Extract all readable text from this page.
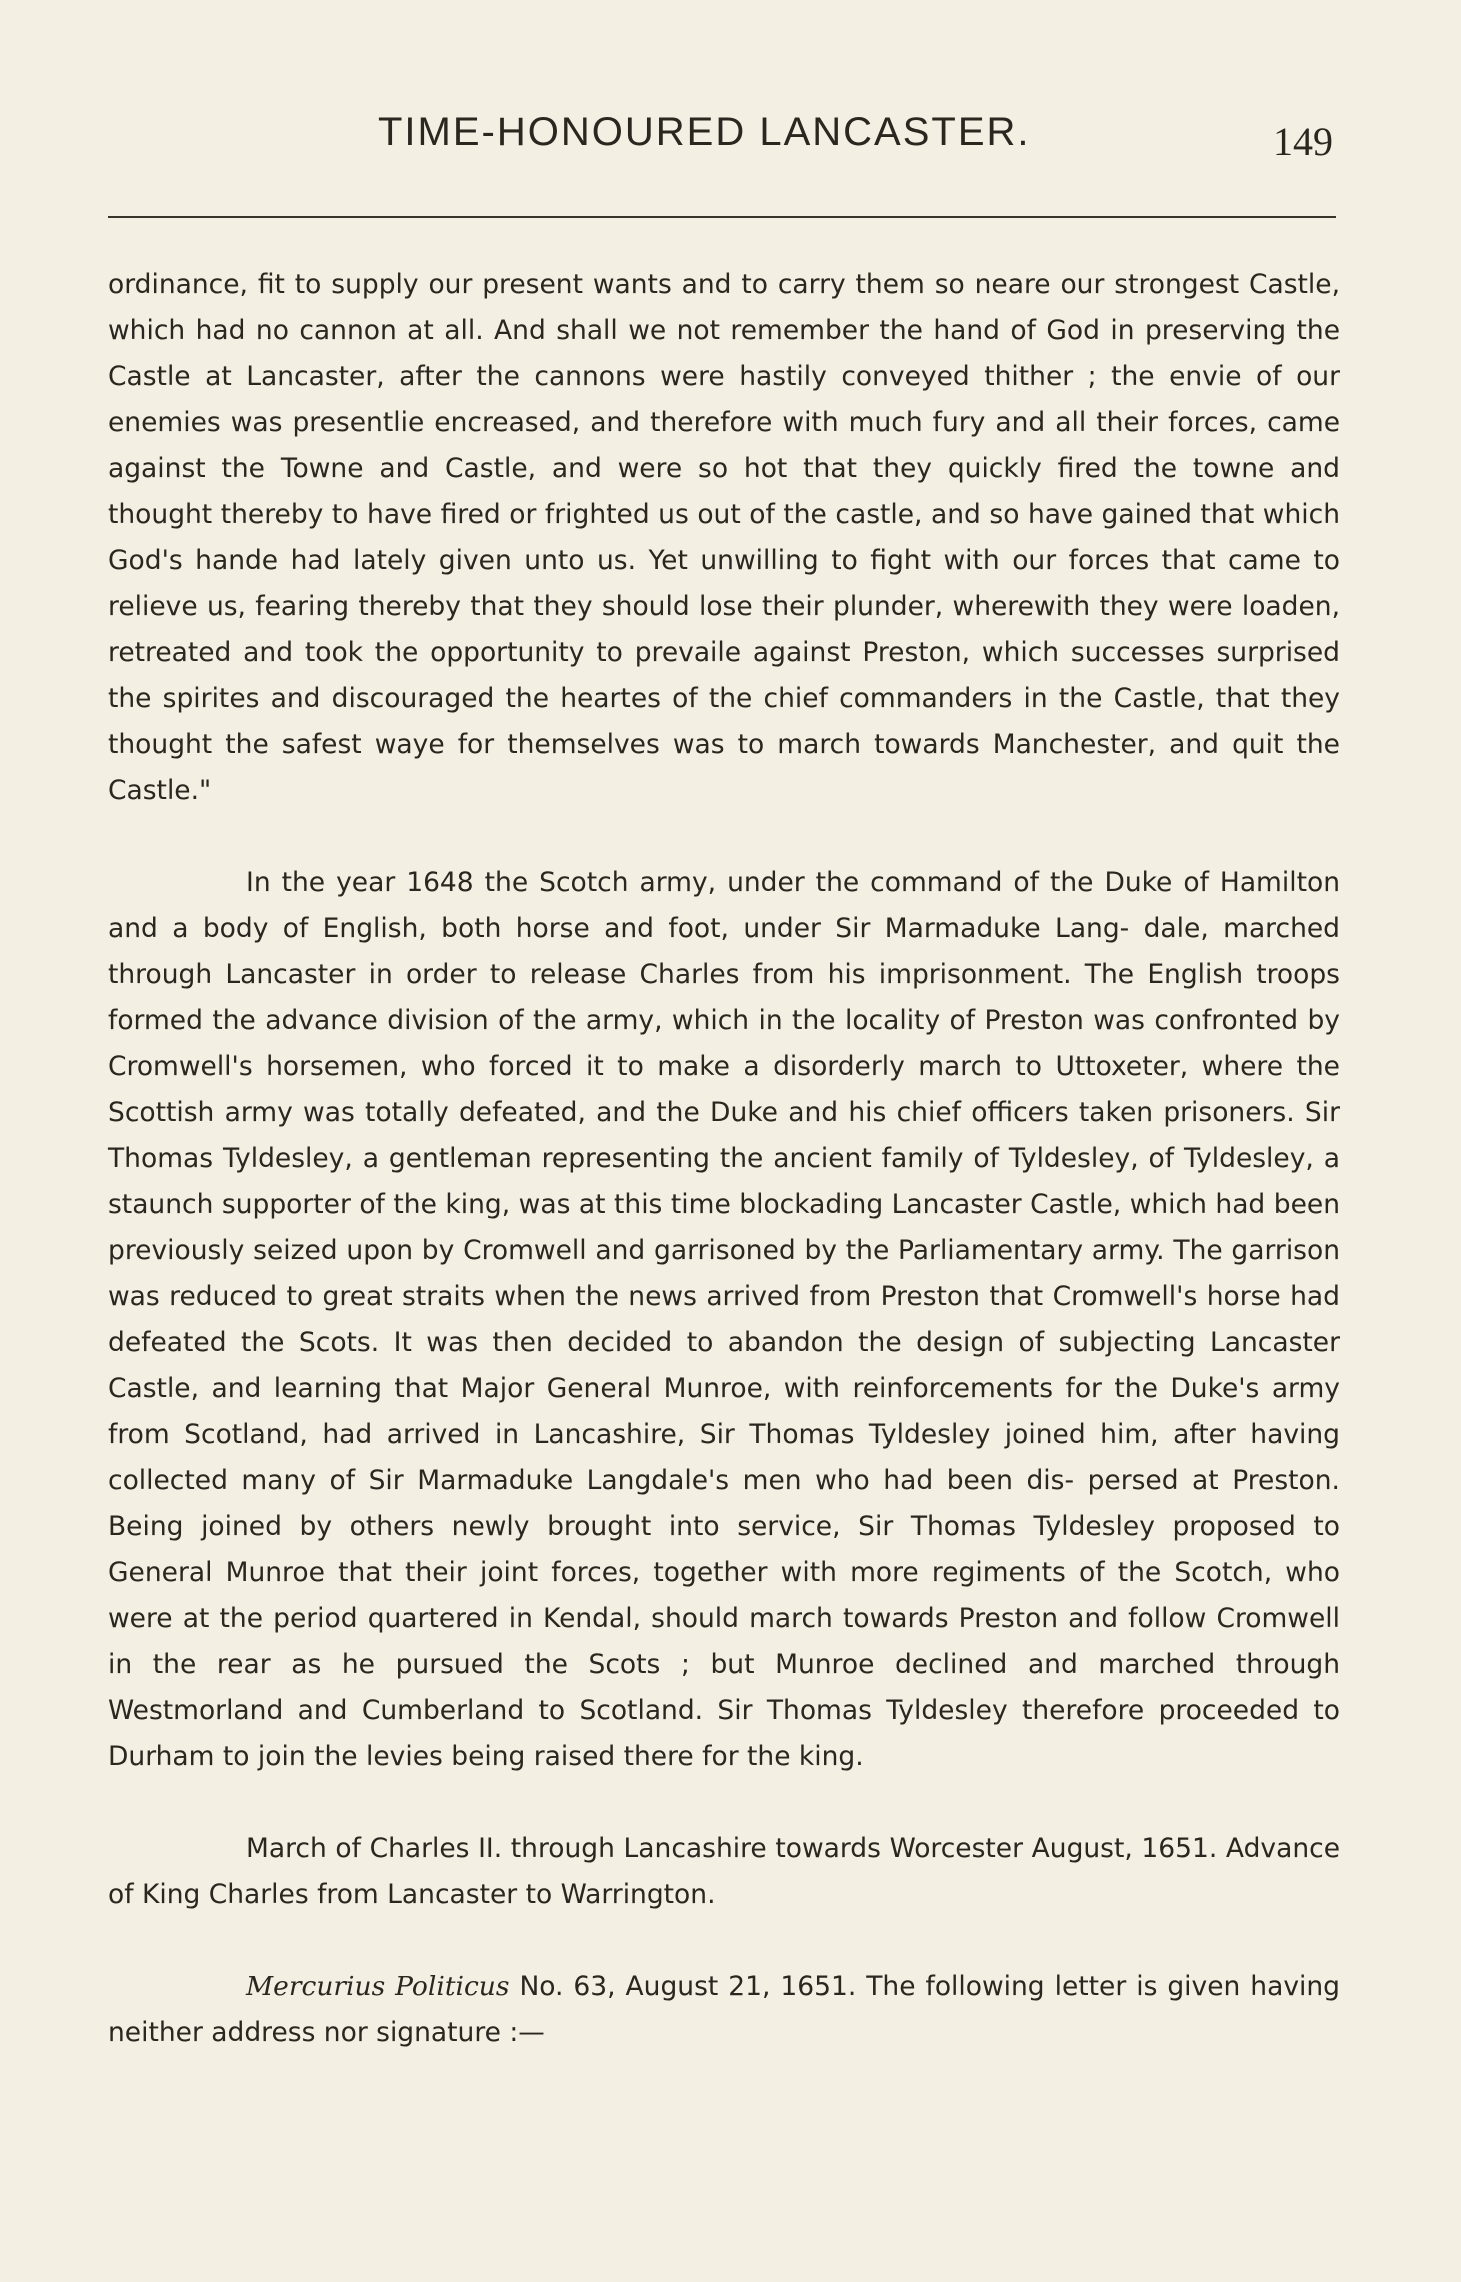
TIME-HONOURED LANCASTER.	149

ordinance, fit to supply our present wants and to carry them so neare our strongest Castle, which had no cannon at all. And shall we not remember the hand of God in preserving the Castle at Lancaster, after the cannons were hastily conveyed thither ; the envie of our enemies was presentlie encreased, and therefore with much fury and all their forces, came against the Towne and Castle, and were so hot that they quickly fired the towne and thought thereby to have fired or frighted us out of the castle, and so have gained that which God's hande had lately given unto us. Yet unwilling to fight with our forces that came to relieve us, fearing thereby that they should lose their plunder, wherewith they were loaden, retreated and took the opportunity to prevaile against Preston, which successes surprised the spirites and discouraged the heartes of the chief commanders in the Castle, that they thought the safest waye for themselves was to march towards Manchester, and quit the Castle."

In the year 1648 the Scotch army, under the command of the Duke of Hamilton and a body of English, both horse and foot, under Sir Marmaduke Lang- dale, marched through Lancaster in order to release Charles from his imprisonment. The English troops formed the advance division of the army, which in the locality of Preston was confronted by Cromwell's horsemen, who forced it to make a disorderly march to Uttoxeter, where the Scottish army was totally defeated, and the Duke and his chief officers taken prisoners. Sir Thomas Tyldesley, a gentleman representing the ancient family of Tyldesley, of Tyldesley, a staunch supporter of the king, was at this time blockading Lancaster Castle, which had been previously seized upon by Cromwell and garrisoned by the Parliamentary army. The garrison was reduced to great straits when the news arrived from Preston that Cromwell's horse had defeated the Scots. It was then decided to abandon the design of subjecting Lancaster Castle, and learning that Major General Munroe, with reinforcements for the Duke's army from Scotland, had arrived in Lancashire, Sir Thomas Tyldesley joined him, after having collected many of Sir Marmaduke Langdale's men who had been dis- persed at Preston. Being joined by others newly brought into service, Sir Thomas Tyldesley proposed to General Munroe that their joint forces, together with more regiments of the Scotch, who were at the period quartered in Kendal, should march towards Preston and follow Cromwell in the rear as he pursued the Scots ; but Munroe declined and marched through Westmorland and Cumberland to Scotland. Sir Thomas Tyldesley therefore proceeded to Durham to join the levies being raised there for the king.

March of Charles II. through Lancashire towards Worcester August, 1651. Advance of King Charles from Lancaster to Warrington.

Mercurius Politicus No. 63, August 21, 1651. The following letter is given having neither address nor signature :—
